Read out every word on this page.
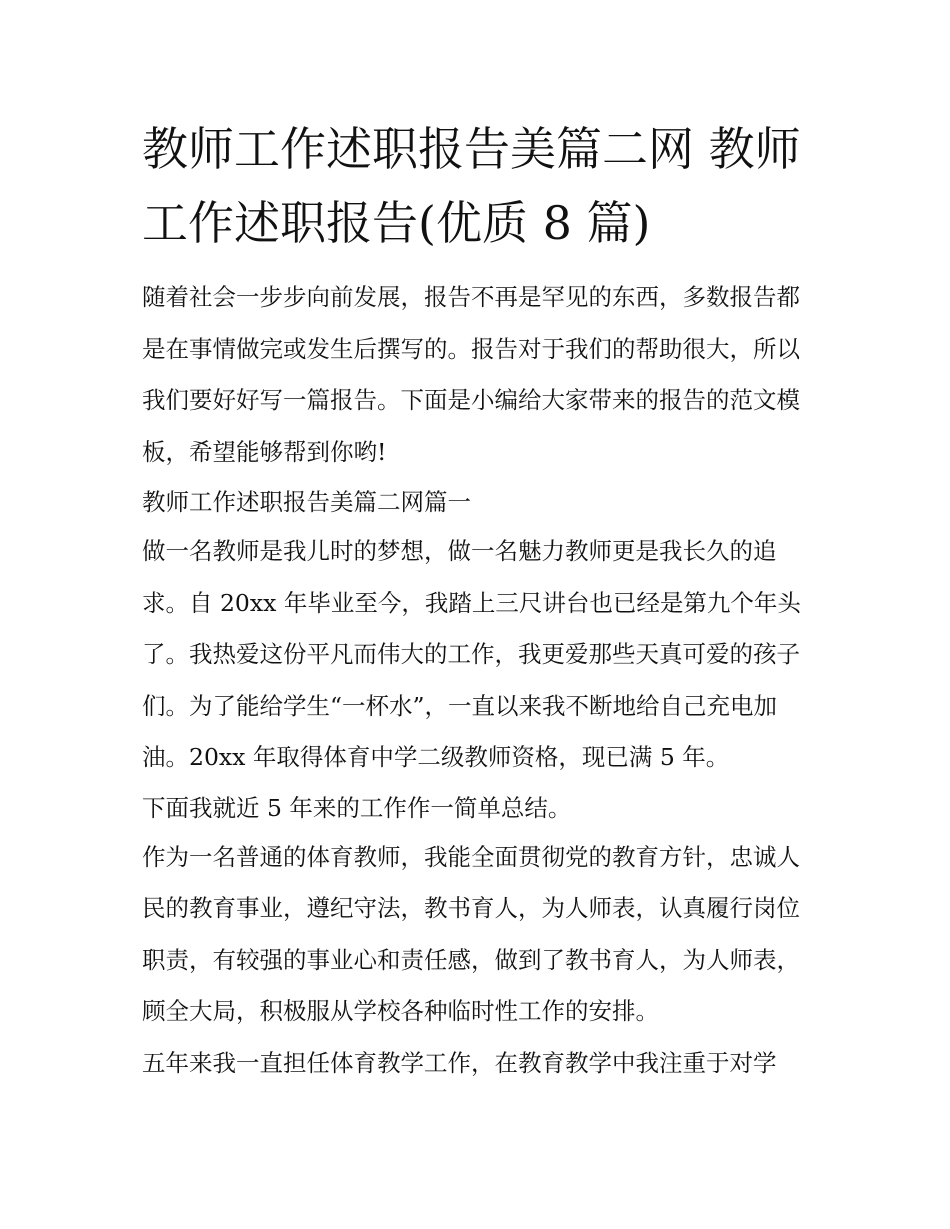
教师工作述职报告美篇二网 教师工作述职报告(优质 8 篇)

随着社会一步步向前发展，报告不再是罕见的东西，多数报告都是在事情做完或发生后撰写的。报告对于我们的帮助很大，所以我们要好好写一篇报告。下面是小编给大家带来的报告的范文模板，希望能够帮到你哟!

教师工作述职报告美篇二网篇一

做一名教师是我儿时的梦想，做一名魅力教师更是我长久的追求。自 20xx 年毕业至今，我踏上三尺讲台也已经是第九个年头了。我热爱这份平凡而伟大的工作，我更爱那些天真可爱的孩子们。为了能给学生“一杯水”，一直以来我不断地给自己充电加油。20xx 年取得体育中学二级教师资格，现已满 5 年。

下面我就近 5 年来的工作作一简单总结。

作为一名普通的体育教师，我能全面贯彻党的教育方针，忠诚人民的教育事业，遵纪守法，教书育人，为人师表，认真履行岗位职责，有较强的事业心和责任感，做到了教书育人，为人师表，顾全大局，积极服从学校各种临时性工作的安排。

五年来我一直担任体育教学工作，在教育教学中我注重于对学
